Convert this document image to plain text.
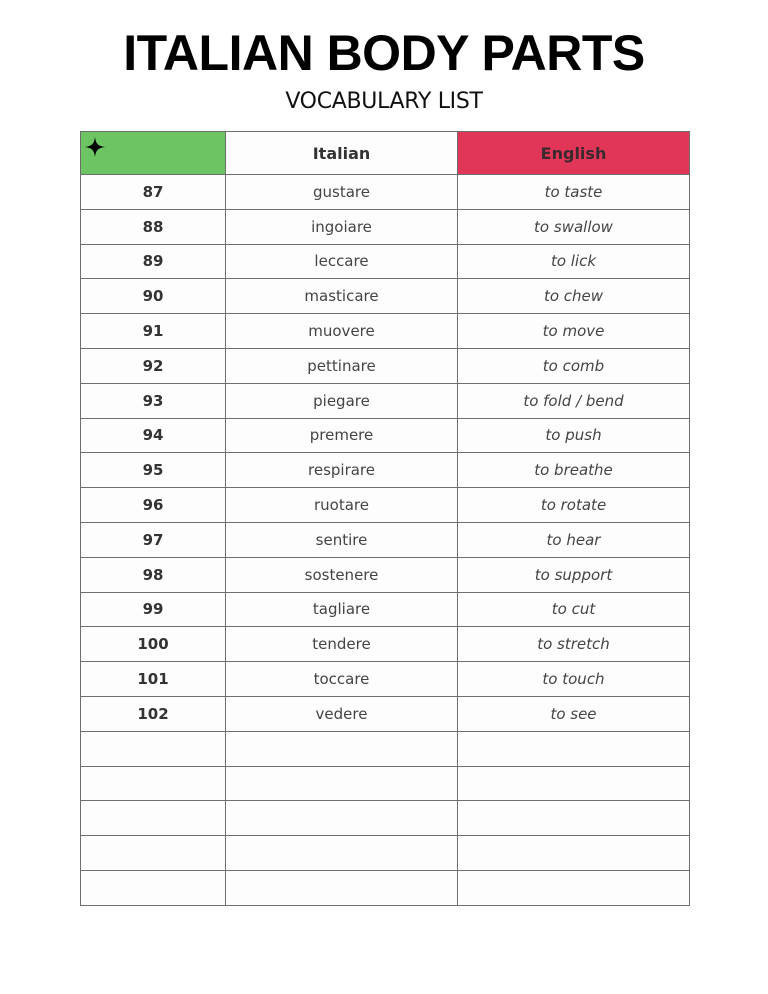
ITALIAN BODY PARTS
VOCABULARY LIST
	Italian	English
87	gustare	to taste
88	ingoiare	to swallow
89	leccare	to lick
90	masticare	to chew
91	muovere	to move
92	pettinare	to comb
93	piegare	to fold / bend
94	premere	to push
95	respirare	to breathe
96	ruotare	to rotate
97	sentire	to hear
98	sostenere	to support
99	tagliare	to cut
100	tendere	to stretch
101	toccare	to touch
102	vedere	to see
